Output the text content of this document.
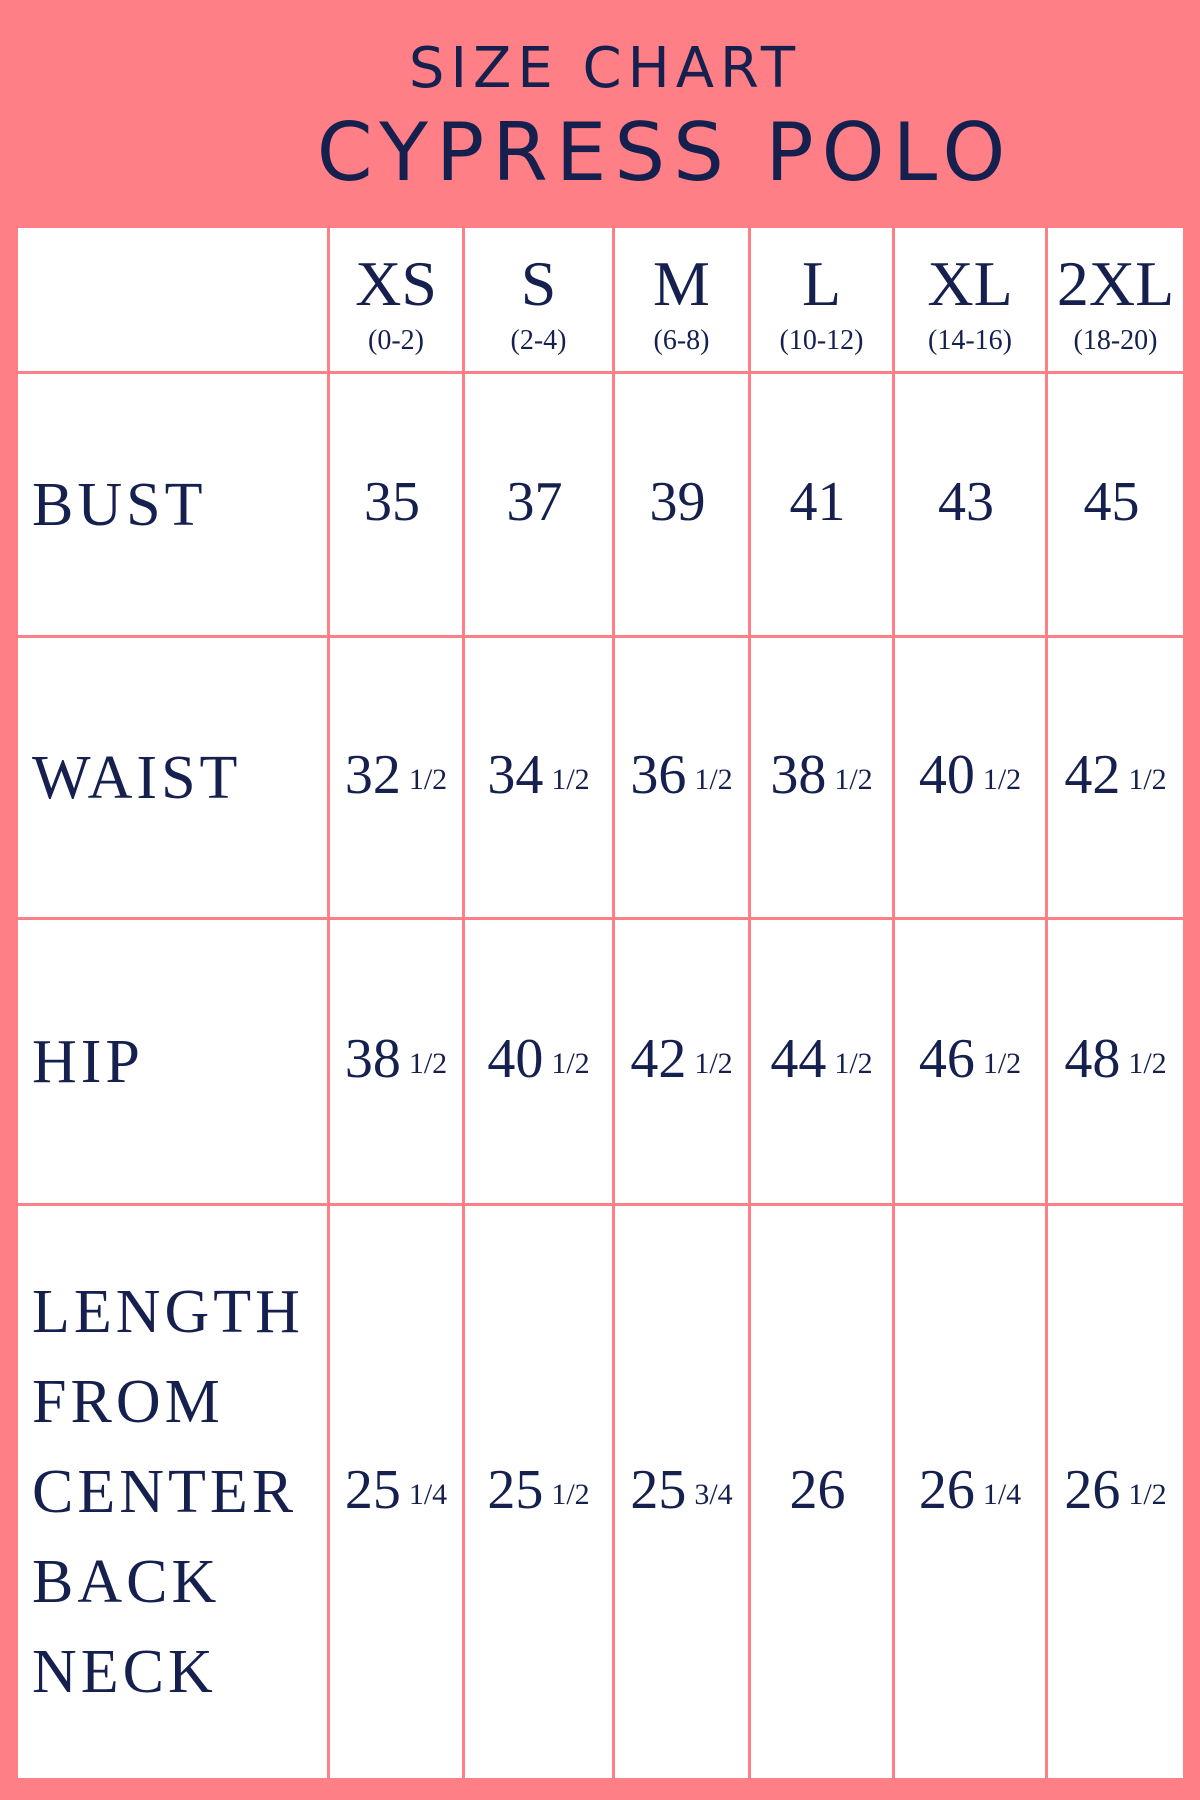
SIZE CHART
CYPRESS POLO
XS
(0-2)
S
(2-4)
M
(6-8)
L
(10-12)
XL
(14-16)
2XL
(18-20)
BUST	35 37 39 41 43 45
WAIST 32 1/2 34 1/2 36 1/2 38 1/2 40 1/2 42 1/2
HIP	38 1/2 40 1/2 42 1/2 44 1/2 46 1/2 48 1/2
LENGTH
FROM
CENTER
BACK
NECK
25 1/4 25 1/2 25 3/4 26 26 1/4 26 1/2
